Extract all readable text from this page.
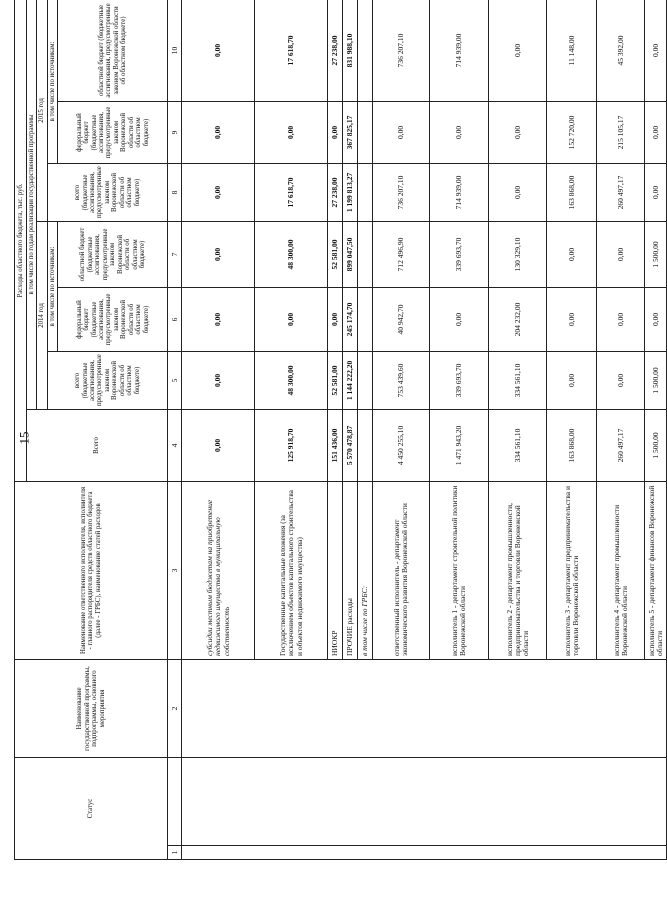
15
Статус		Наименование государственной программы, подпрограммы, основного мероприятия	Наименование ответственного исполнителя, исполнителя - главного распорядителя средств областного бюджета (далее - ГРБС), наименование статей расходов	Расходы областного бюджета, тыс. руб.						
				Всего	в том числе по годам реализации государственной программы					
					2014 год			2015 год		
					всего (бюджетные ассигнования, предусмотренные законом Воронежской области об областном бюджете)	в том числе по источникам:		всего (бюджетные ассигнования, предусмотренные законом Воронежской области об областном бюджете)	в том числе по источникам:	
						федеральный бюджет (бюджетные ассигнования, предусмотренные законом Воронежской области об областном бюджете)	областной бюджет (бюджетные ассигнования, предусмотренные законом Воронежской области об областном бюджете)		федеральный бюджет (бюджетные ассигнования, предусмотренные законом Воронежской области об областном бюджете)	областной бюджет (бюджетные ассигнования, предусмотренные законом Воронежской области об областном бюджете)
1		2	3	4	5	6	7	8	9	10
			субсидии местным бюджетам на приобретение недвижимого имущества в муниципальную собственность	0,00	0,00	0,00	0,00	0,00	0,00	0,00
			Государственные капитальные вложения (за исключением объектов капитального строительства и объектов недвижимого имущества)	125 918,70	48 300,00	0,00	48 300,00	17 618,70	0,00	17 618,70
			НИОКР	151 436,00	52 581,00	0,00	52 581,00	27 238,00	0,00	27 238,00
			ПРОЧИЕ расходы	5 570 478,87	1 144 222,20	245 174,70	899 047,50	1 199 813,27	367 825,17	831 988,10
			в том числе по ГРБС:							
			ответственный исполнитель - департамент экономического развития Воронежской области	4 450 255,10	753 439,60	40 942,70	712 496,90	736 207,10	0,00	736 207,10
			исполнитель 1 - департамент строительной политики Воронежской области	1 471 943,20	339 693,70	0,00	339 693,70	714 939,00	0,00	714 939,00
			исполнитель 2 - департамент промышленности, предпринимательства и торговли Воронежской области	334 561,10	334 561,10	204 232,00	130 329,10	0,00	0,00	0,00
			исполнитель 3 - департамент предпринимательства и торговли Воронежской области	163 868,00	0,00	0,00	0,00	163 868,00	152 720,00	11 148,00
			исполнитель 4 - департамент промышленности Воронежской области	260 497,17	0,00	0,00	0,00	260 497,17	215 105,17	45 392,00
			исполнитель 5 - департамент финансов Воронежской области	1 500,00	1 500,00	0,00	1 500,00	0,00	0,00	0,00
